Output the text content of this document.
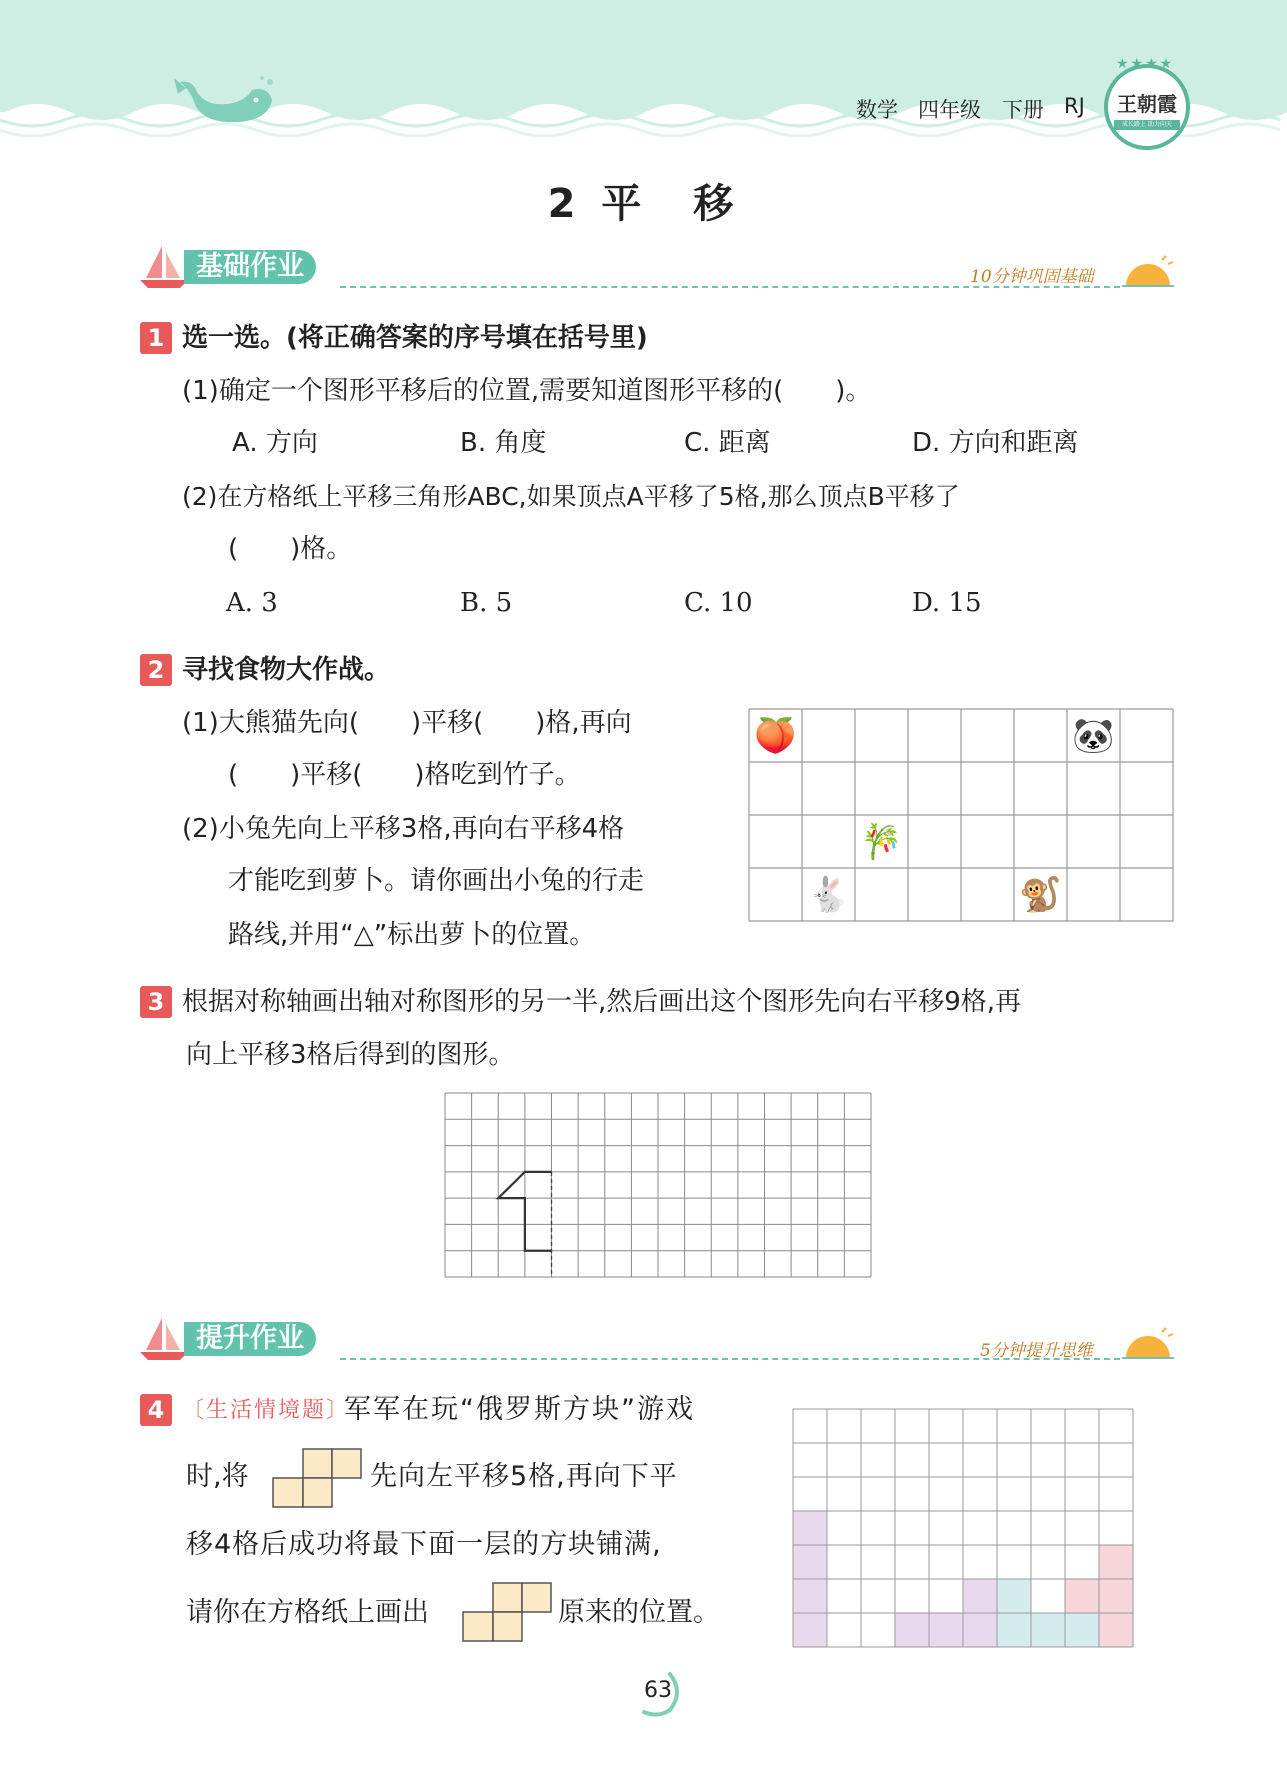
数学 四年级 下册 RJ	王朝霞
成长路上 助力向天
★★★★
2 平　移
基础作业	10分钟巩固基础
1 选一选。(将正确答案的序号填在括号里)
(1)确定一个图形平移后的位置,需要知道图形平移的(　　)。
A. 方向	B. 角度	C. 距离	D. 方向和距离
(2)在方格纸上平移三角形ABC,如果顶点A平移了5格,那么顶点B平移了
(　　)格。
A. 3	B. 5	C. 10	D. 15
2 寻找食物大作战。
(1)大熊猫先向(　　)平移(　　)格,再向
(　　)平移(　　)格吃到竹子。
(2)小兔先向上平移3格,再向右平移4格
才能吃到萝卜。请你画出小兔的行走
路线,并用“△”标出萝卜的位置。
🍑	🐼
🎋
🐇	🐒
3 根据对称轴画出轴对称图形的另一半,然后画出这个图形先向右平移9格,再
向上平移3格后得到的图形。
提升作业	5分钟提升思维
4 〔生活情境题〕
军军在玩“俄罗斯方块”游戏
时,将	先向左平移5格,再向下平
移4格后成功将最下面一层的方块铺满,
请你在方格纸上画出	原来的位置。
63
